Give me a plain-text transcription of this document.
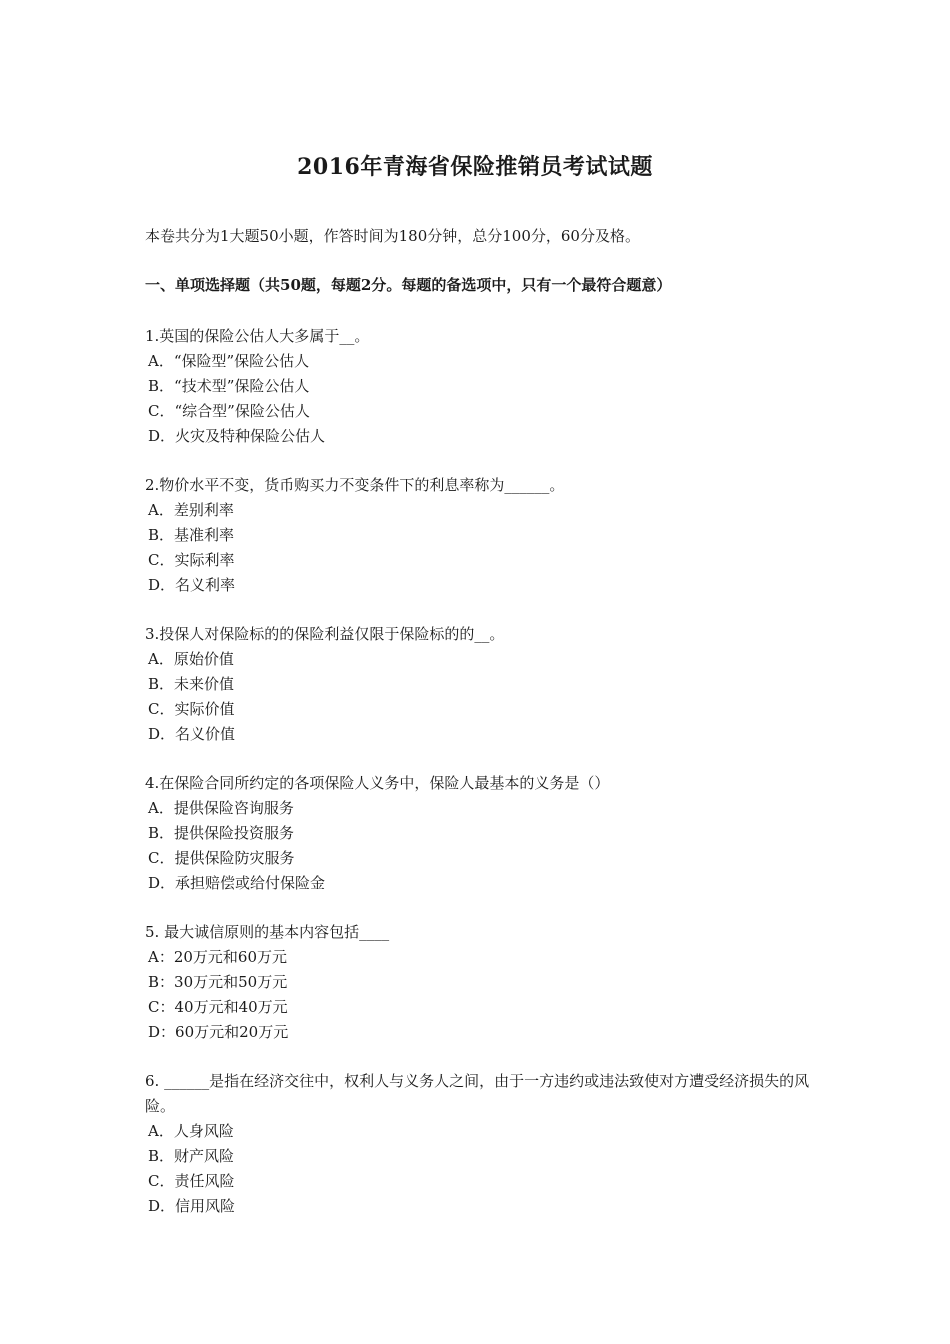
2016年青海省保险推销员考试试题
本卷共分为1大题50小题，作答时间为180分钟，总分100分，60分及格。
一、单项选择题（共50题，每题2分。每题的备选项中，只有一个最符合题意）

1.英国的保险公估人大多属于__。

A．“保险型”保险公估人
B．“技术型”保险公估人
C．“综合型”保险公估人
D．火灾及特种保险公估人

2.物价水平不变，货币购买力不变条件下的利息率称为______。

A．差别利率
B．基准利率
C．实际利率
D．名义利率

3.投保人对保险标的的保险利益仅限于保险标的的__。

A．原始价值
B．未来价值
C．实际价值
D．名义价值

4.在保险合同所约定的各项保险人义务中，保险人最基本的义务是（）

A．提供保险咨询服务
B．提供保险投资服务
C．提供保险防灾服务
D．承担赔偿或给付保险金

5. 最大诚信原则的基本内容包括____

A：20万元和60万元
B：30万元和50万元
C：40万元和40万元
D：60万元和20万元

6. ______是指在经济交往中，权利人与义务人之间，由于一方违约或违法致使对方遭受经济损失的风险。

A．人身风险
B．财产风险
C．责任风险
D．信用风险
